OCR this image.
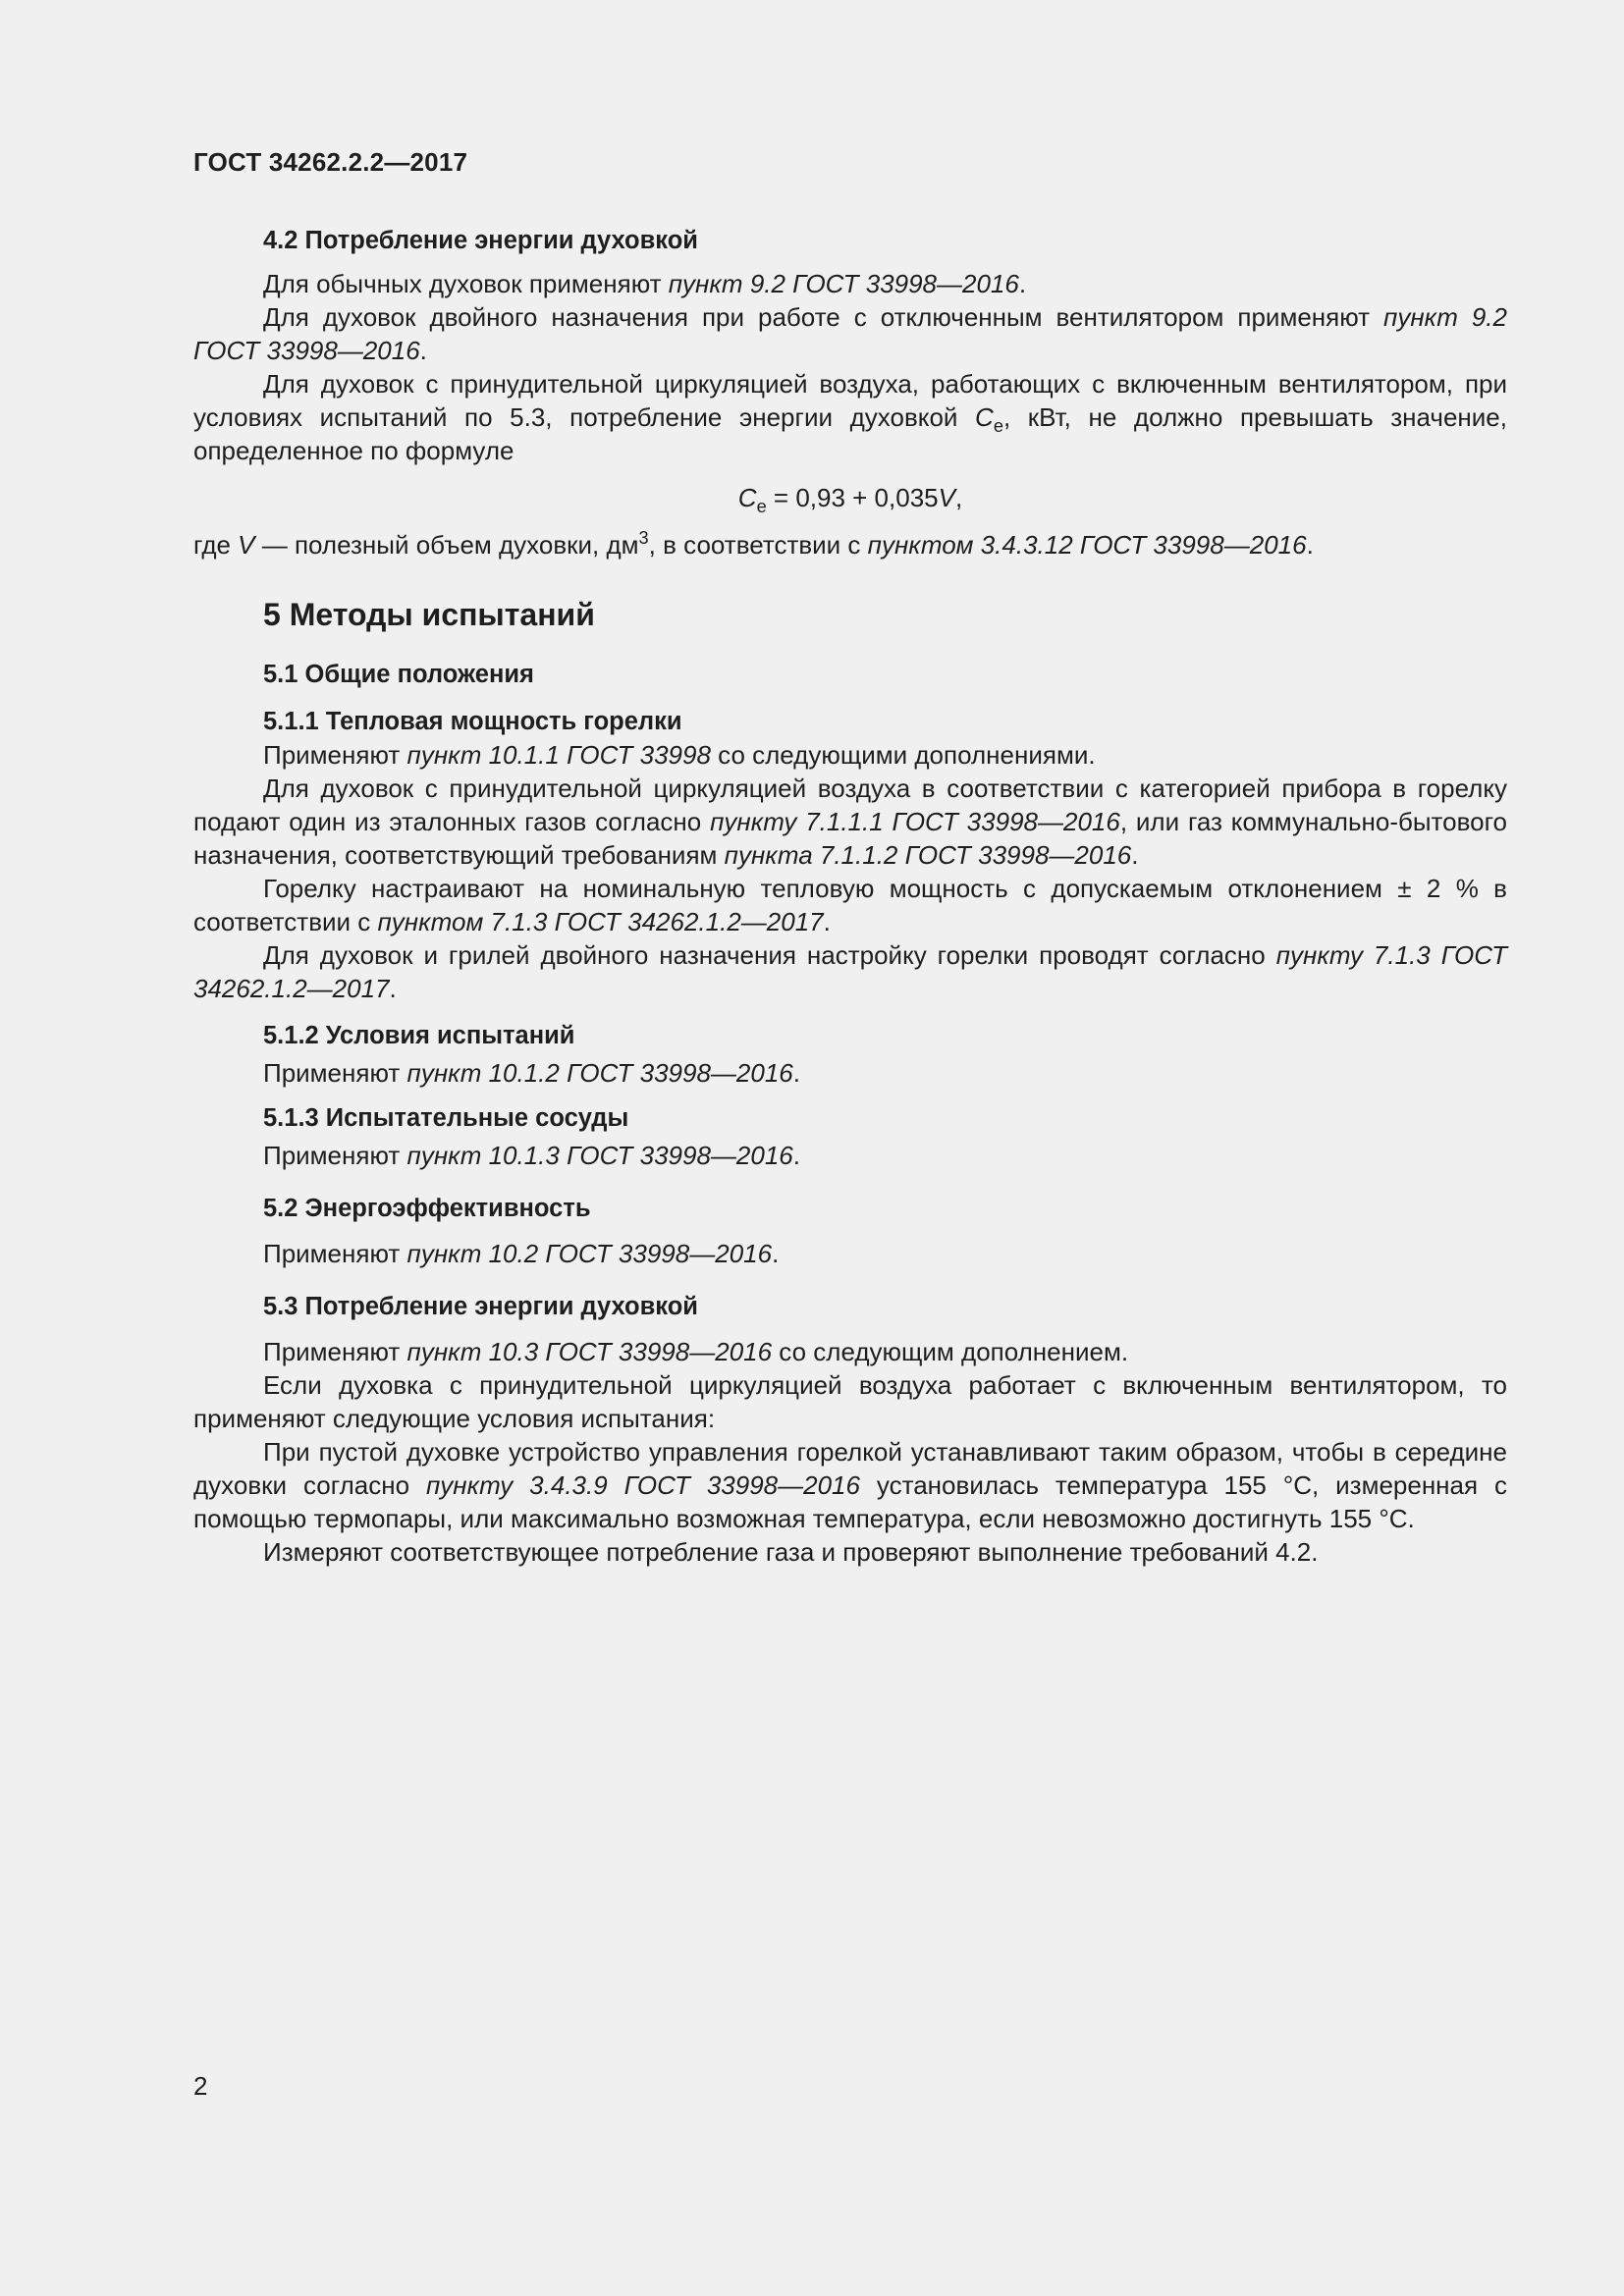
ГОСТ 34262.2.2—2017
4.2 Потребление энергии духовкой

Для обычных духовок применяют пункт 9.2 ГОСТ 33998—2016.

Для духовок двойного назначения при работе с отключенным вентилятором применяют пункт 9.2 ГОСТ 33998—2016.

Для духовок с принудительной циркуляцией воздуха, работающих с включенным вентилятором, при условиях испытаний по 5.3, потребление энергии духовкой $C_e$, кВт, не должно превышать значение, определенное по формуле

$C_e = 0,93 + 0,035V$,

где V — полезный объем духовки, $дм^3$, в соответствии с пунктом 3.4.3.12 ГОСТ 33998—2016.

5 Методы испытаний
5.1 Общие положения
5.1.1 Тепловая мощность горелки

Применяют пункт 10.1.1 ГОСТ 33998 со следующими дополнениями.

Для духовок с принудительной циркуляцией воздуха в соответствии с категорией прибора в горелку подают один из эталонных газов согласно пункту 7.1.1.1 ГОСТ 33998—2016, или газ коммунально-бытового назначения, соответствующий требованиям пункта 7.1.1.2 ГОСТ 33998—2016.

Горелку настраивают на номинальную тепловую мощность с допускаемым отклонением ± 2 % в соответствии с пунктом 7.1.3 ГОСТ 34262.1.2—2017.

Для духовок и грилей двойного назначения настройку горелки проводят согласно пункту 7.1.3 ГОСТ 34262.1.2—2017.

5.1.2 Условия испытаний

Применяют пункт 10.1.2 ГОСТ 33998—2016.

5.1.3 Испытательные сосуды

Применяют пункт 10.1.3 ГОСТ 33998—2016.

5.2 Энергоэффективность

Применяют пункт 10.2 ГОСТ 33998—2016.

5.3 Потребление энергии духовкой

Применяют пункт 10.3 ГОСТ 33998—2016 со следующим дополнением.

Если духовка с принудительной циркуляцией воздуха работает с включенным вентилятором, то применяют следующие условия испытания:

При пустой духовке устройство управления горелкой устанавливают таким образом, чтобы в середине духовки согласно пункту 3.4.3.9 ГОСТ 33998—2016 установилась температура 155 °C, измеренная с помощью термопары, или максимально возможная температура, если невозможно достигнуть 155 °C.

Измеряют соответствующее потребление газа и проверяют выполнение требований 4.2.

2
